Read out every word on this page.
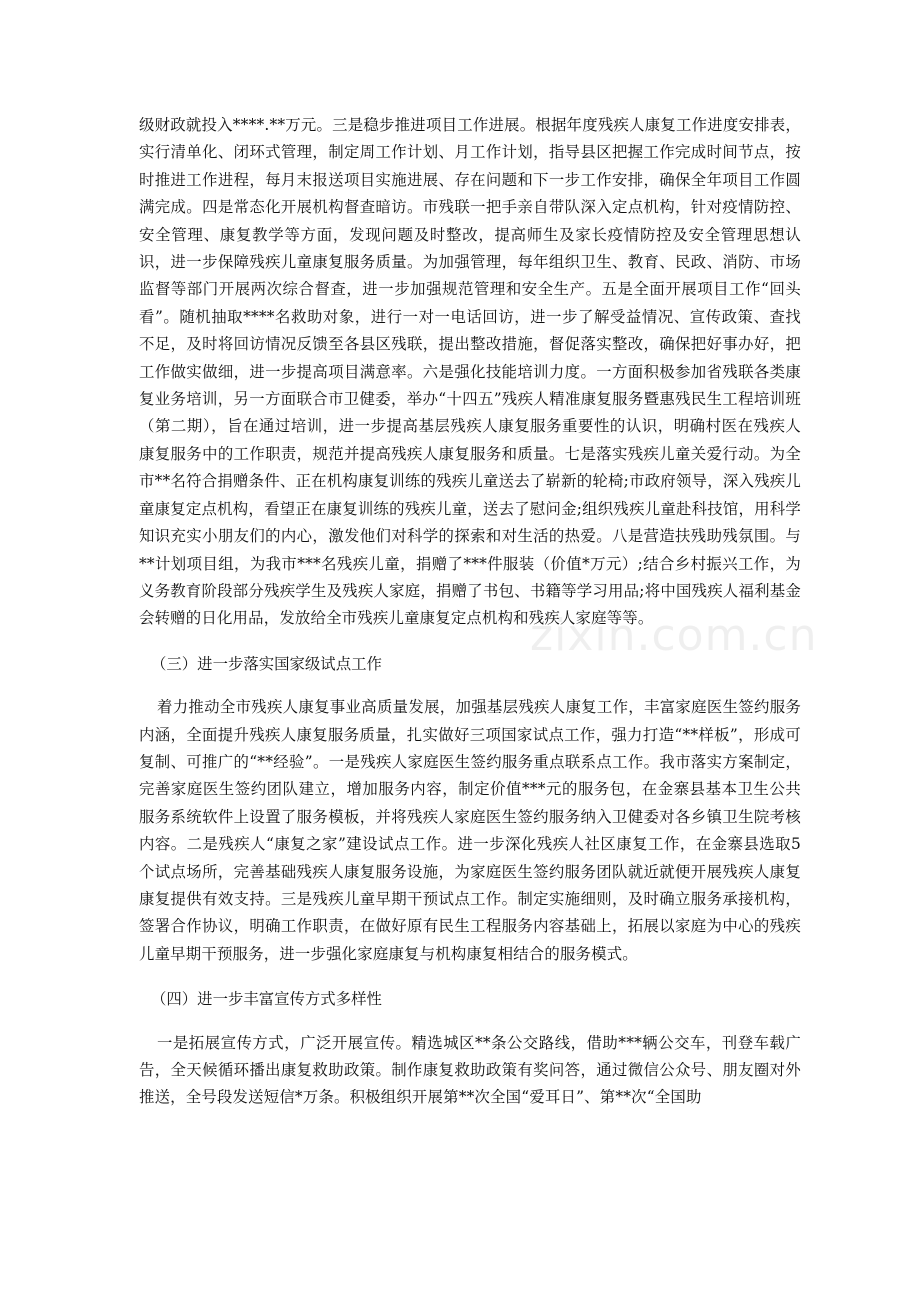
级财政就投入****.**万元。三是稳步推进项目工作进展。根据年度残疾人康复工作进度安排表，实行清单化、闭环式管理，制定周工作计划、月工作计划，指导县区把握工作完成时间节点，按时推进工作进程，每月末报送项目实施进展、存在问题和下一步工作安排，确保全年项目工作圆满完成。四是常态化开展机构督查暗访。市残联一把手亲自带队深入定点机构，针对疫情防控、安全管理、康复教学等方面，发现问题及时整改，提高师生及家长疫情防控及安全管理思想认识，进一步保障残疾儿童康复服务质量。为加强管理，每年组织卫生、教育、民政、消防、市场监督等部门开展两次综合督查，进一步加强规范管理和安全生产。五是全面开展项目工作“回头看”。随机抽取****名救助对象，进行一对一电话回访，进一步了解受益情况、宣传政策、查找不足，及时将回访情况反馈至各县区残联，提出整改措施，督促落实整改，确保把好事办好，把工作做实做细，进一步提高项目满意率。六是强化技能培训力度。一方面积极参加省残联各类康复业务培训，另一方面联合市卫健委，举办“十四五”残疾人精准康复服务暨惠残民生工程培训班（第二期），旨在通过培训，进一步提高基层残疾人康复服务重要性的认识，明确村医在残疾人康复服务中的工作职责，规范并提高残疾人康复服务和质量。七是落实残疾儿童关爱行动。为全市**名符合捐赠条件、正在机构康复训练的残疾儿童送去了崭新的轮椅;市政府领导，深入残疾儿童康复定点机构，看望正在康复训练的残疾儿童，送去了慰问金;组织残疾儿童赴科技馆，用科学知识充实小朋友们的内心，激发他们对科学的探索和对生活的热爱。八是营造扶残助残氛围。与**计划项目组，为我市***名残疾儿童，捐赠了***件服装（价值*万元）;结合乡村振兴工作，为义务教育阶段部分残疾学生及残疾人家庭，捐赠了书包、书籍等学习用品;将中国残疾人福利基金会转赠的日化用品，发放给全市残疾儿童康复定点机构和残疾人家庭等等。

（三）进一步落实国家级试点工作

着力推动全市残疾人康复事业高质量发展，加强基层残疾人康复工作，丰富家庭医生签约服务内涵，全面提升残疾人康复服务质量，扎实做好三项国家试点工作，强力打造“**样板”，形成可复制、可推广的“**经验”。一是残疾人家庭医生签约服务重点联系点工作。我市落实方案制定，完善家庭医生签约团队建立，增加服务内容，制定价值***元的服务包，在金寨县基本卫生公共服务系统软件上设置了服务模板，并将残疾人家庭医生签约服务纳入卫健委对各乡镇卫生院考核内容。二是残疾人“康复之家”建设试点工作。进一步深化残疾人社区康复工作，在金寨县选取5个试点场所，完善基础残疾人康复服务设施，为家庭医生签约服务团队就近就便开展残疾人康复康复提供有效支持。三是残疾儿童早期干预试点工作。制定实施细则，及时确立服务承接机构，签署合作协议，明确工作职责，在做好原有民生工程服务内容基础上，拓展以家庭为中心的残疾儿童早期干预服务，进一步强化家庭康复与机构康复相结合的服务模式。

（四）进一步丰富宣传方式多样性

一是拓展宣传方式，广泛开展宣传。精选城区**条公交路线，借助***辆公交车，刊登车载广告，全天候循环播出康复救助政策。制作康复救助政策有奖问答，通过微信公众号、朋友圈对外推送，全号段发送短信*万条。积极组织开展第**次全国“爱耳日”、第**次“全国助

zixin.com.cn
